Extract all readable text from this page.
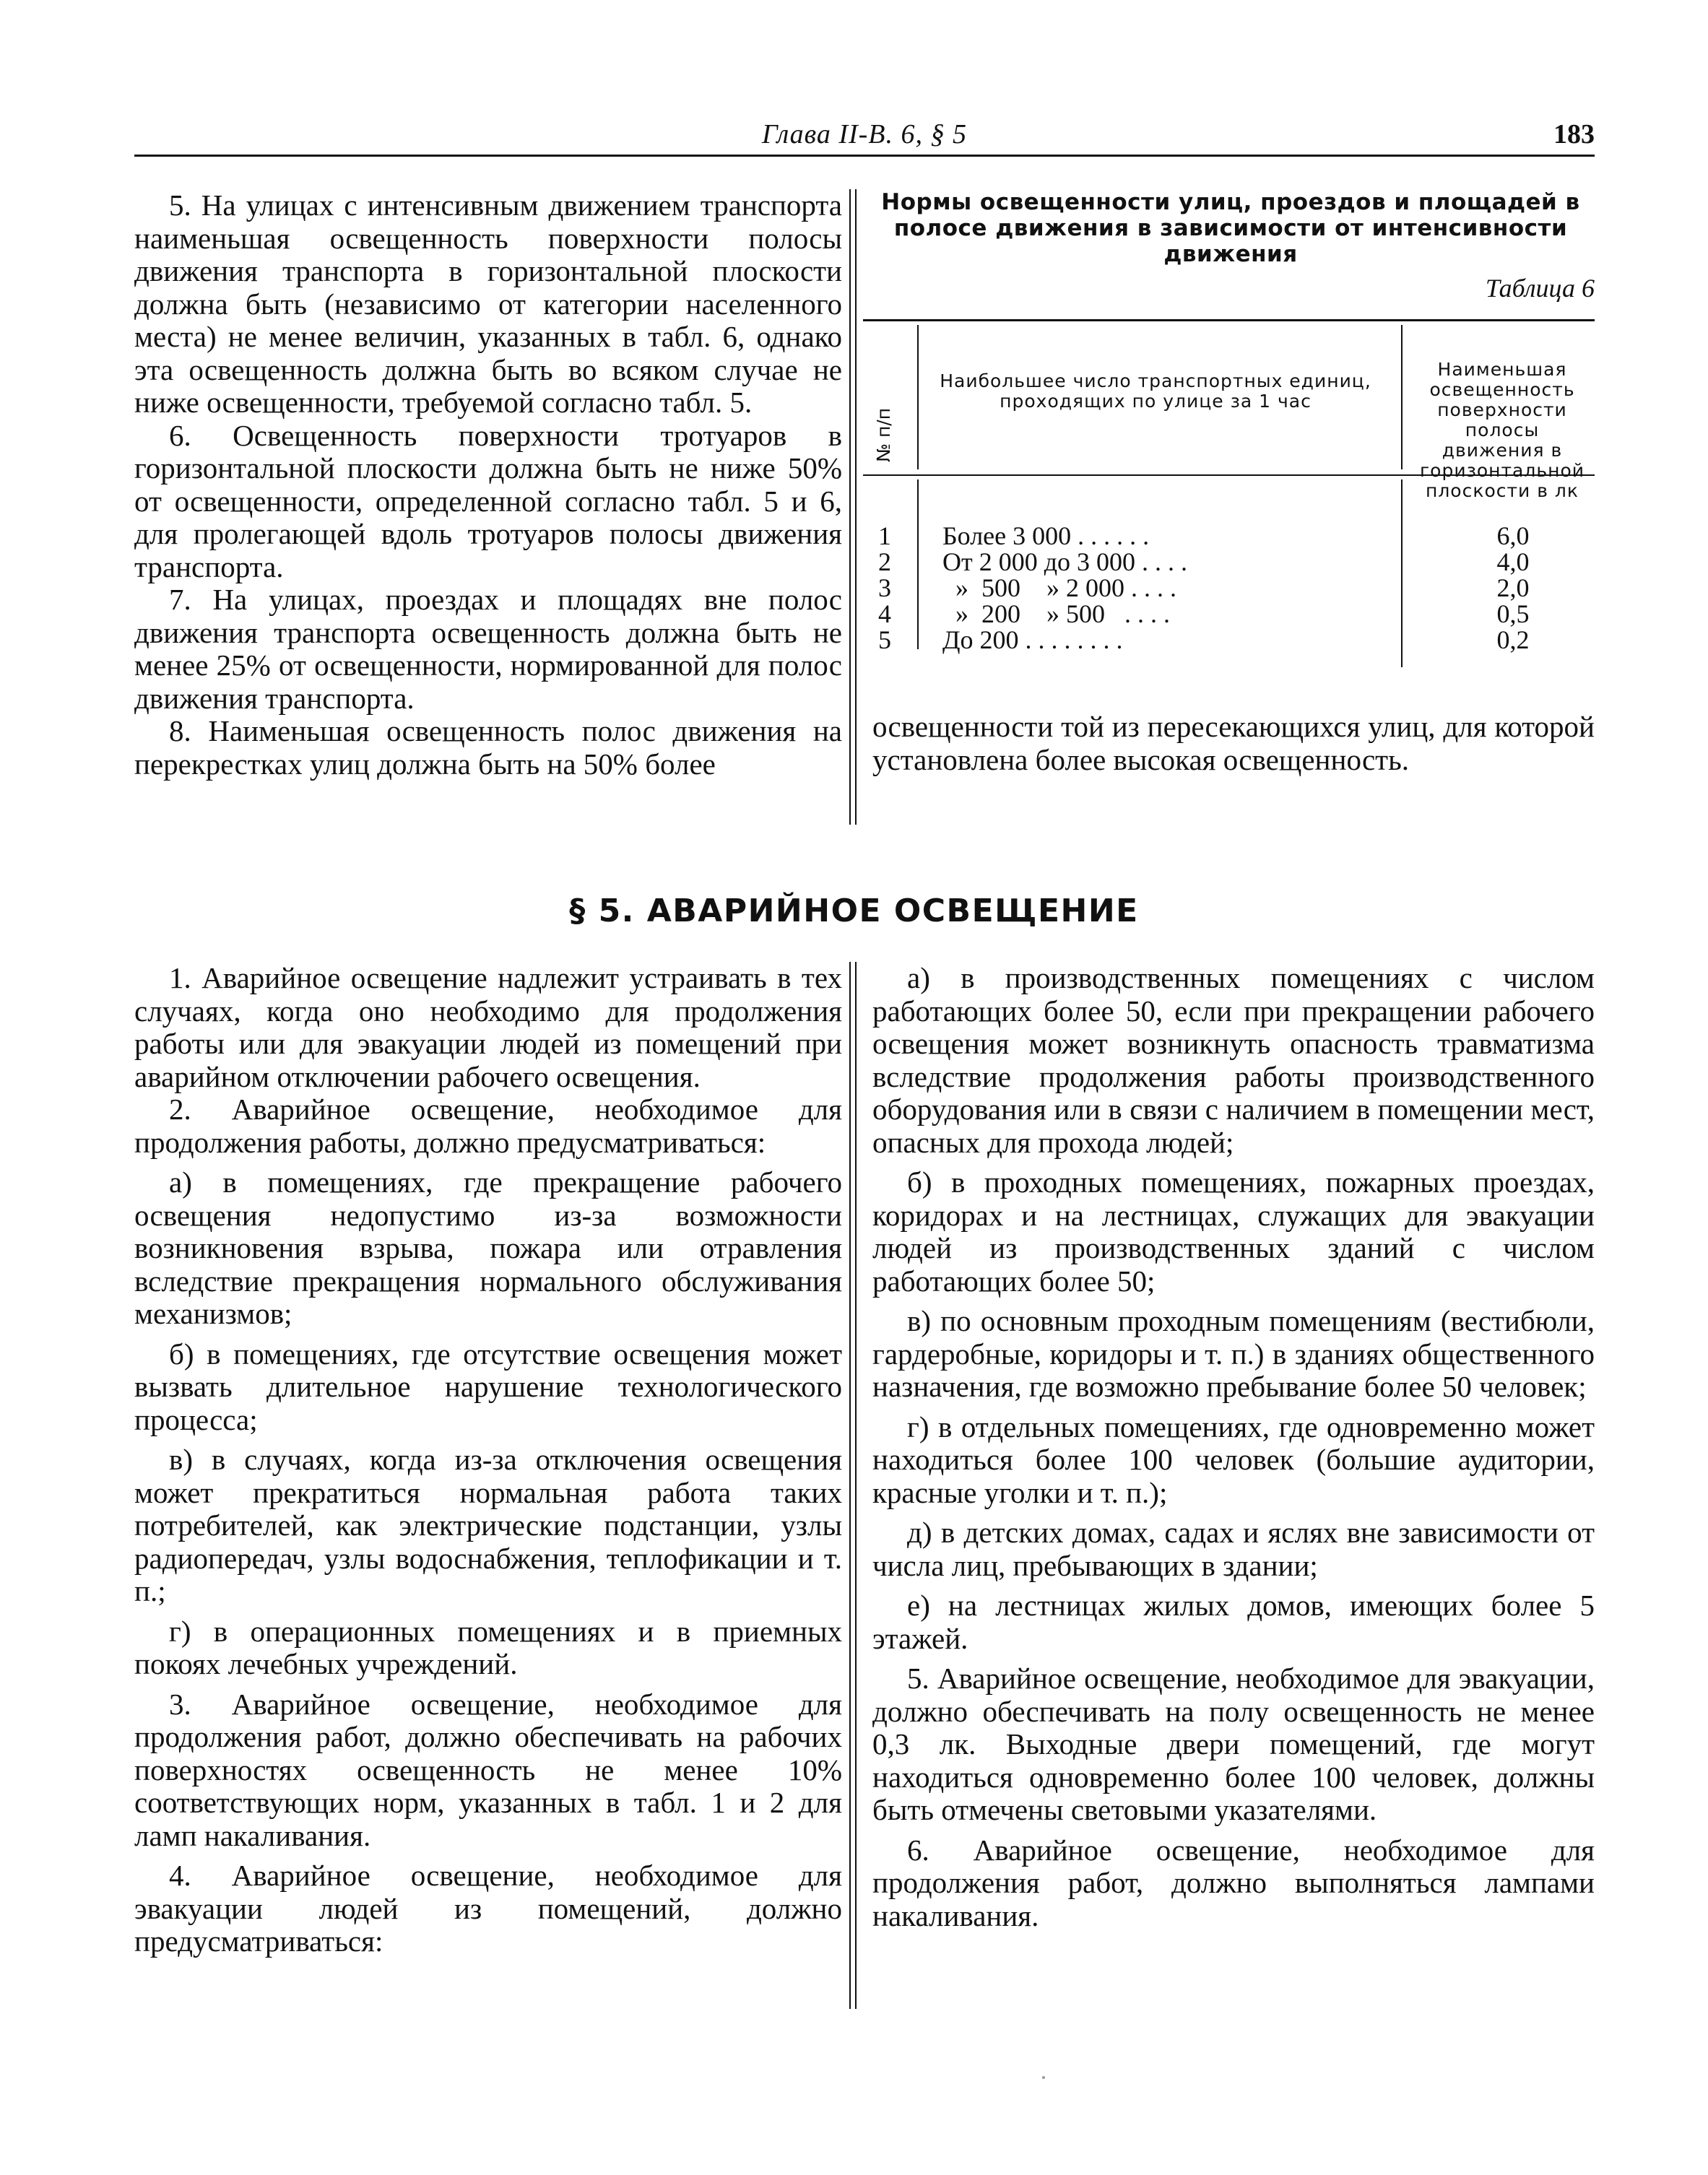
Глава II-B. 6, § 5	183

5. На улицах с интенсивным движением транспорта наименьшая освещенность поверхности полосы движения транспорта в горизонтальной плоскости должна быть (независимо от категории населенного места) не менее величин, указанных в табл. 6, однако эта освещенность должна быть во всяком случае не ниже освещенности, требуемой согласно табл. 5.

6. Освещенность поверхности тротуаров в горизонтальной плоскости должна быть не ниже 50% от освещенности, определенной согласно табл. 5 и 6, для пролегающей вдоль тротуаров полосы движения транспорта.

7. На улицах, проездах и площадях вне полос движения транспорта освещенность должна быть не менее 25% от освещенности, нормированной для полос движения транспорта.

8. Наименьшая освещенность полос движения на перекрестках улиц должна быть на 50% более

Нормы освещенности улиц, проездов и площадей в полосе движения в зависимости от интенсивности движения
Таблица 6
№ п/п
Наибольшее число транспортных единиц, проходящих по улице за 1 час
Наименьшая освещенность поверхности полосы движения в горизонтальной плоскости в лк
1	Более 3 000 . . . . . .	6,0
2	От 2 000 до 3 000 . . . .	4,0
3	»  500    » 2 000 . . . .	2,0
4	»  200    » 500   . . . .	0,5
5	До 200 . . . . . . . .	0,2

освещенности той из пересекающихся улиц, для которой установлена более высокая освещенность.

§ 5. АВАРИЙНОЕ ОСВЕЩЕНИЕ

1. Аварийное освещение надлежит устраивать в тех случаях, когда оно необходимо для продолжения работы или для эвакуации людей из помещений при аварийном отключении рабочего освещения.

2. Аварийное освещение, необходимое для продолжения работы, должно предусматриваться:

а) в помещениях, где прекращение рабочего освещения недопустимо из-за возможности возникновения взрыва, пожара или отравления вследствие прекращения нормального обслуживания механизмов;

б) в помещениях, где отсутствие освещения может вызвать длительное нарушение технологического процесса;

в) в случаях, когда из-за отключения освещения может прекратиться нормальная работа таких потребителей, как электрические подстанции, узлы радиопередач, узлы водоснабжения, теплофикации и т. п.;

г) в операционных помещениях и в приемных покоях лечебных учреждений.

3. Аварийное освещение, необходимое для продолжения работ, должно обеспечивать на рабочих поверхностях освещенность не менее 10% соответствующих норм, указанных в табл. 1 и 2 для ламп накаливания.

4. Аварийное освещение, необходимое для эвакуации людей из помещений, должно предусматриваться:

а) в производственных помещениях с числом работающих более 50, если при прекращении рабочего освещения может возникнуть опасность травматизма вследствие продолжения работы производственного оборудования или в связи с наличием в помещении мест, опасных для прохода людей;

б) в проходных помещениях, пожарных проездах, коридорах и на лестницах, служащих для эвакуации людей из производственных зданий с числом работающих более 50;

в) по основным проходным помещениям (вестибюли, гардеробные, коридоры и т. п.) в зданиях общественного назначения, где возможно пребывание более 50 человек;

г) в отдельных помещениях, где одновременно может находиться более 100 человек (большие аудитории, красные уголки и т. п.);

д) в детских домах, садах и яслях вне зависимости от числа лиц, пребывающих в здании;

е) на лестницах жилых домов, имеющих более 5 этажей.

5. Аварийное освещение, необходимое для эвакуации, должно обеспечивать на полу освещенность не менее 0,3 лк. Выходные двери помещений, где могут находиться одновременно более 100 человек, должны быть отмечены световыми указателями.

6. Аварийное освещение, необходимое для продолжения работ, должно выполняться лампами накаливания.
